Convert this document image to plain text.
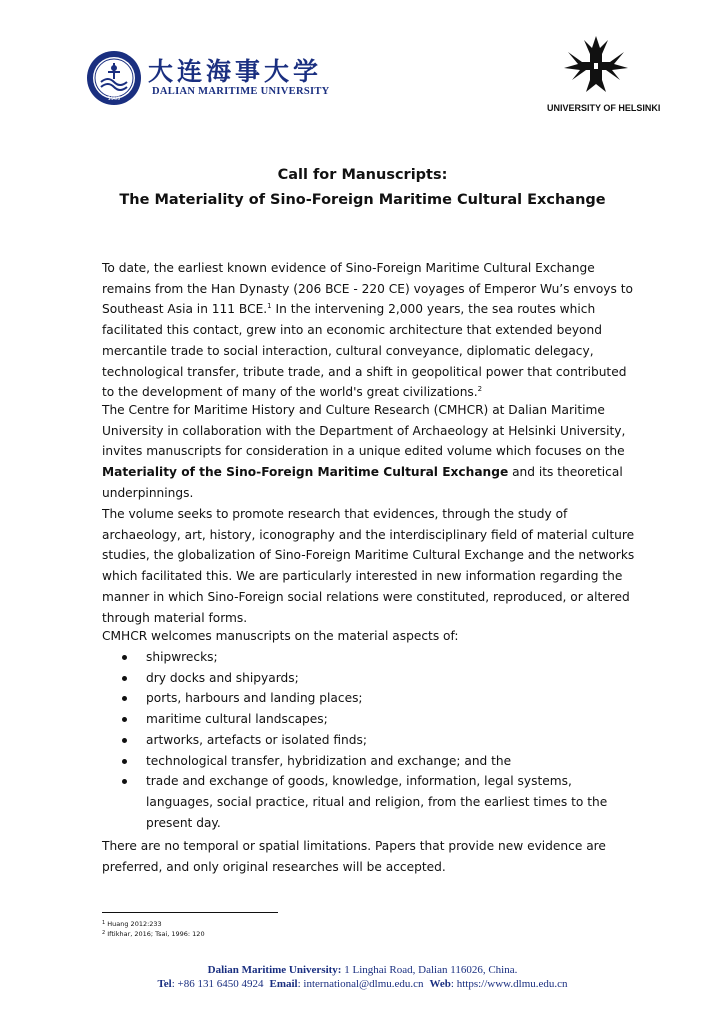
1909
大连海事大学
DALIAN MARITIME UNIVERSITY
UNIVERSITY OF HELSINKI
Call for Manuscripts:
The Materiality of Sino-Foreign Maritime Cultural Exchange
To date, the earliest known evidence of Sino-Foreign Maritime Cultural Exchange remains from the Han Dynasty (206 BCE - 220 CE) voyages of Emperor Wu’s envoys to Southeast Asia in 111 BCE.$^1$ In the intervening 2,000 years, the sea routes which facilitated this contact, grew into an economic architecture that extended beyond mercantile trade to social interaction, cultural conveyance, diplomatic delegacy, technological transfer, tribute trade, and a shift in geopolitical power that contributed to the development of many of the world's great civilizations.$^2$
The Centre for Maritime History and Culture Research (CMHCR) at Dalian Maritime University in collaboration with the Department of Archaeology at Helsinki University, invites manuscripts for consideration in a unique edited volume which focuses on the Materiality of the Sino-Foreign Maritime Cultural Exchange and its theoretical underpinnings.
The volume seeks to promote research that evidences, through the study of archaeology, art, history, iconography and the interdisciplinary field of material culture studies, the globalization of Sino-Foreign Maritime Cultural Exchange and the networks which facilitated this. We are particularly interested in new information regarding the manner in which Sino-Foreign social relations were constituted, reproduced, or altered through material forms.
CMHCR welcomes manuscripts on the material aspects of:
shipwrecks;
dry docks and shipyards;
ports, harbours and landing places;
maritime cultural landscapes;
artworks, artefacts or isolated finds;
technological transfer, hybridization and exchange; and the
trade and exchange of goods, knowledge, information, legal systems, languages, social practice, ritual and religion, from the earliest times to the present day.
There are no temporal or spatial limitations. Papers that provide new evidence are preferred, and only original researches will be accepted.
$^1$ Huang 2012:233
$^2$ Iftikhar, 2016; Tsai, 1996: 120
Dalian Maritime University: 1 Linghai Road, Dalian 116026, China.
Tel: +86 131 6450 4924 Email: international@dlmu.edu.cn Web: https://www.dlmu.edu.cn
